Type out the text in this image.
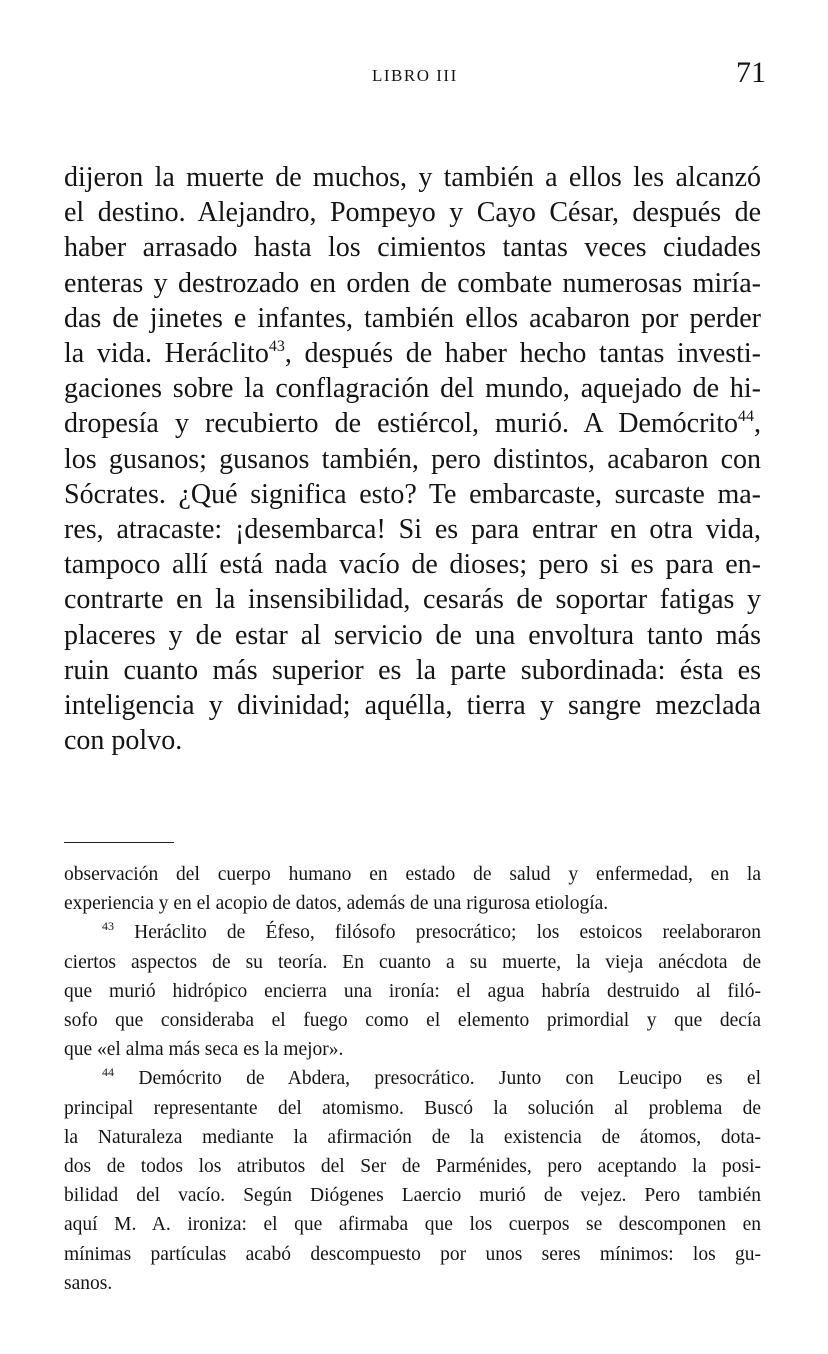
LIBRO III	71
dijeron la muerte de muchos, y también a ellos les alcanzó
el destino. Alejandro, Pompeyo y Cayo César, después de
haber arrasado hasta los cimientos tantas veces ciudades
enteras y destrozado en orden de combate numerosas miría-
das de jinetes e infantes, también ellos acabaron por perder
la vida. Heráclito$^{43}$, después de haber hecho tantas investi-
gaciones sobre la conflagración del mundo, aquejado de hi-
dropesía y recubierto de estiércol, murió. A Demócrito$^{44}$,
los gusanos; gusanos también, pero distintos, acabaron con
Sócrates. ¿Qué significa esto? Te embarcaste, surcaste ma-
res, atracaste: ¡desembarca! Si es para entrar en otra vida,
tampoco allí está nada vacío de dioses; pero si es para en-
contrarte en la insensibilidad, cesarás de soportar fatigas y
placeres y de estar al servicio de una envoltura tanto más
ruin cuanto más superior es la parte subordinada: ésta es
inteligencia y divinidad; aquélla, tierra y sangre mezclada
con polvo.
observación del cuerpo humano en estado de salud y enfermedad, en la
experiencia y en el acopio de datos, además de una rigurosa etiología.
$^{43}$ Heráclito de Éfeso, filósofo presocrático; los estoicos reelaboraron
ciertos aspectos de su teoría. En cuanto a su muerte, la vieja anécdota de
que murió hidrópico encierra una ironía: el agua habría destruido al filó-
sofo que consideraba el fuego como el elemento primordial y que decía
que «el alma más seca es la mejor».
$^{44}$ Demócrito de Abdera, presocrático. Junto con Leucipo es el
principal representante del atomismo. Buscó la solución al problema de
la Naturaleza mediante la afirmación de la existencia de átomos, dota-
dos de todos los atributos del Ser de Parménides, pero aceptando la posi-
bilidad del vacío. Según Diógenes Laercio murió de vejez. Pero también
aquí M. A. ironiza: el que afirmaba que los cuerpos se descomponen en
mínimas partículas acabó descompuesto por unos seres mínimos: los gu-
sanos.
